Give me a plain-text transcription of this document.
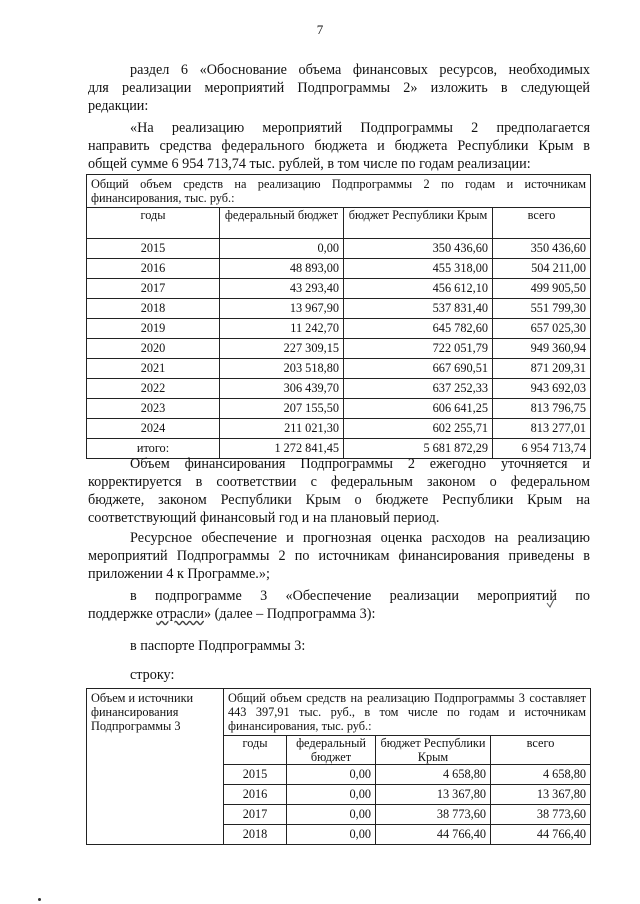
7
раздел 6 «Обоснование объема финансовых ресурсов, необходимых
для реализации мероприятий Подпрограммы 2» изложить в следующей
редакции:
«На реализацию мероприятий Подпрограммы 2 предполагается
направить средства федерального бюджета и бюджета Республики Крым в
общей сумме 6 954 713,74 тыс. рублей, в том числе по годам реализации:
Общий объем средств на реализацию Подпрограммы 2 по годам и источникам финансирования, тыс. руб.:			
годы	федеральный бюджет	бюджет Республики Крым	всего
2015	0,00	350 436,60	350 436,60
2016	48 893,00	455 318,00	504 211,00
2017	43 293,40	456 612,10	499 905,50
2018	13 967,90	537 831,40	551 799,30
2019	11 242,70	645 782,60	657 025,30
2020	227 309,15	722 051,79	949 360,94
2021	203 518,80	667 690,51	871 209,31
2022	306 439,70	637 252,33	943 692,03
2023	207 155,50	606 641,25	813 796,75
2024	211 021,30	602 255,71	813 277,01
итого:	1 272 841,45	5 681 872,29	6 954 713,74
Объем финансирования Подпрограммы 2 ежегодно уточняется и
корректируется в соответствии с федеральным законом о федеральном
бюджете, законом Республики Крым о бюджете Республики Крым на
соответствующий финансовый год и на плановый период.
Ресурсное обеспечение и прогнозная оценка расходов на реализацию
мероприятий Подпрограммы 2 по источникам финансирования приведены в
приложении 4 к Программе.»;
в подпрограмме 3 «Обеспечение реализации мероприятий по
поддержке отрасли» (далее – Подпрограмма 3):
в паспорте Подпрограммы 3:
строку:
Объем и источники финансирования Подпрограммы 3	Общий объем средств на реализацию Подпрограммы 3 составляет 443 397,91 тыс. руб., в том числе по годам и источникам финансирования, тыс. руб.:			
	годы	федеральный бюджет	бюджет Республики Крым	всего
	2015	0,00	4 658,80	4 658,80
	2016	0,00	13 367,80	13 367,80
	2017	0,00	38 773,60	38 773,60
	2018	0,00	44 766,40	44 766,40
